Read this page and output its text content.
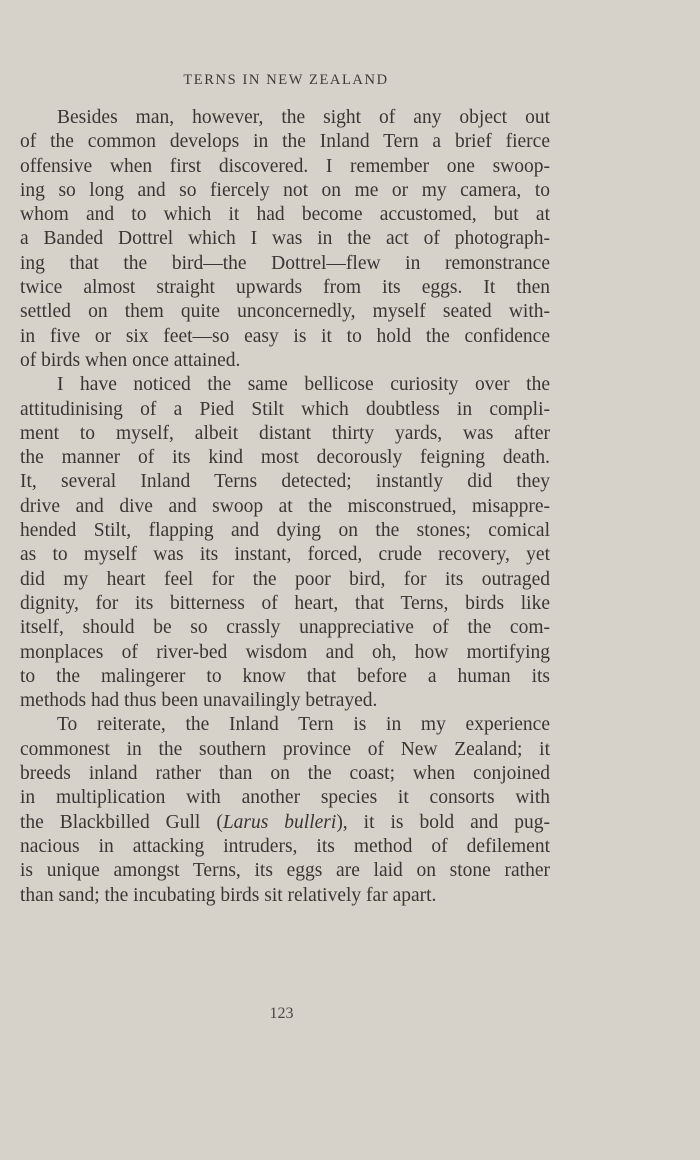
TERNS IN NEW ZEALAND
Besides man, however, the sight of any object out
of the common develops in the Inland Tern a brief fierce
offensive when first discovered. I remember one swoop-
ing so long and so fiercely not on me or my camera, to
whom and to which it had become accustomed, but at
a Banded Dottrel which I was in the act of photograph-
ing that the bird—the Dottrel—flew in remonstrance
twice almost straight upwards from its eggs. It then
settled on them quite unconcernedly, myself seated with-
in five or six feet—so easy is it to hold the confidence
of birds when once attained.
I have noticed the same bellicose curiosity over the
attitudinising of a Pied Stilt which doubtless in compli-
ment to myself, albeit distant thirty yards, was after
the manner of its kind most decorously feigning death.
It, several Inland Terns detected; instantly did they
drive and dive and swoop at the misconstrued, misappre-
hended Stilt, flapping and dying on the stones; comical
as to myself was its instant, forced, crude recovery, yet
did my heart feel for the poor bird, for its outraged
dignity, for its bitterness of heart, that Terns, birds like
itself, should be so crassly unappreciative of the com-
monplaces of river-bed wisdom and oh, how mortifying
to the malingerer to know that before a human its
methods had thus been unavailingly betrayed.
To reiterate, the Inland Tern is in my experience
commonest in the southern province of New Zealand; it
breeds inland rather than on the coast; when conjoined
in multiplication with another species it consorts with
the Blackbilled Gull (Larus bulleri), it is bold and pug-
nacious in attacking intruders, its method of defilement
is unique amongst Terns, its eggs are laid on stone rather
than sand; the incubating birds sit relatively far apart.
123
